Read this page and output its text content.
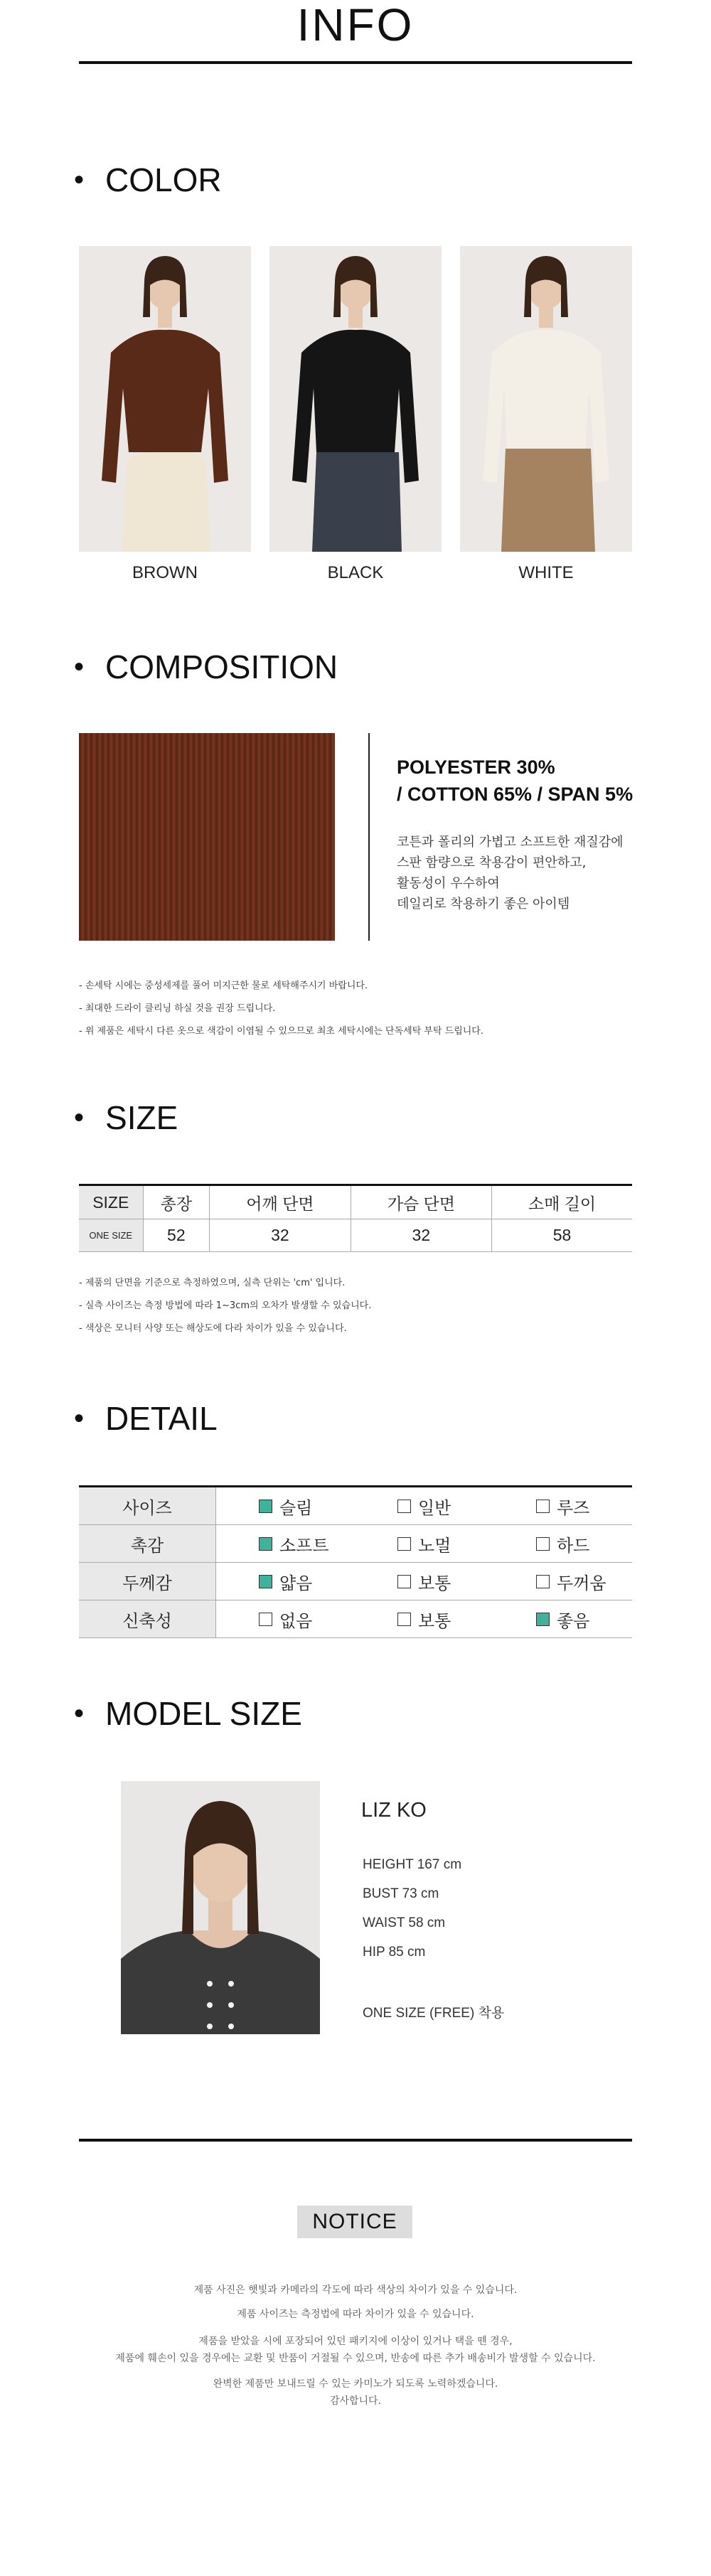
INFO
• COLOR
BROWN	BLACK	WHITE
• COMPOSITION
POLYESTER 30%
/ COTTON 65% / SPAN 5%
코튼과 폴리의 가볍고 소프트한 재질감에
스판 함량으로 착용감이 편안하고,
활동성이 우수하여
데일리로 착용하기 좋은 아이템
- 손세탁 시에는 중성세제를 풀어 미지근한 물로 세탁해주시기 바랍니다.
- 최대한 드라이 클리닝 하실 것을 권장 드립니다.
- 위 제품은 세탁시 다른 옷으로 색감이 이염될 수 있으므로 최초 세탁시에는 단독세탁 부탁 드립니다.
• SIZE
SIZE	총장	어깨 단면	가슴 단면	소매 길이
ONE SIZE	52	32	32	58
- 제품의 단면을 기준으로 측정하였으며, 실측 단위는 'cm' 입니다.
- 실측 사이즈는 측정 방법에 따라 1~3cm의 오차가 발생할 수 있습니다.
- 색상은 모니터 사양 또는 해상도에 다라 차이가 있을 수 있습니다.
• DETAIL
사이즈	슬림	일반	루즈
촉감	소프트	노멀	하드
두께감	얇음	보통	두꺼움
신축성	없음	보통	좋음
• MODEL SIZE
LIZ KO
HEIGHT 167 cm
BUST 73 cm
WAIST 58 cm
HIP 85 cm
ONE SIZE (FREE) 착용
NOTICE
제품 사진은 햇빛과 카메라의 각도에 따라 색상의 차이가 있을 수 있습니다.
제품 사이즈는 측정법에 따라 차이가 있을 수 있습니다.
제품을 받았을 시에 포장되어 있던 패키지에 이상이 있거나 택을 뗀 경우,
제품에 훼손이 있을 경우에는 교환 및 반품이 거절될 수 있으며, 반송에 따른 추가 배송비가 발생할 수 있습니다.
완벽한 제품만 보내드릴 수 있는 카미노가 되도록 노력하겠습니다.
감사합니다.
